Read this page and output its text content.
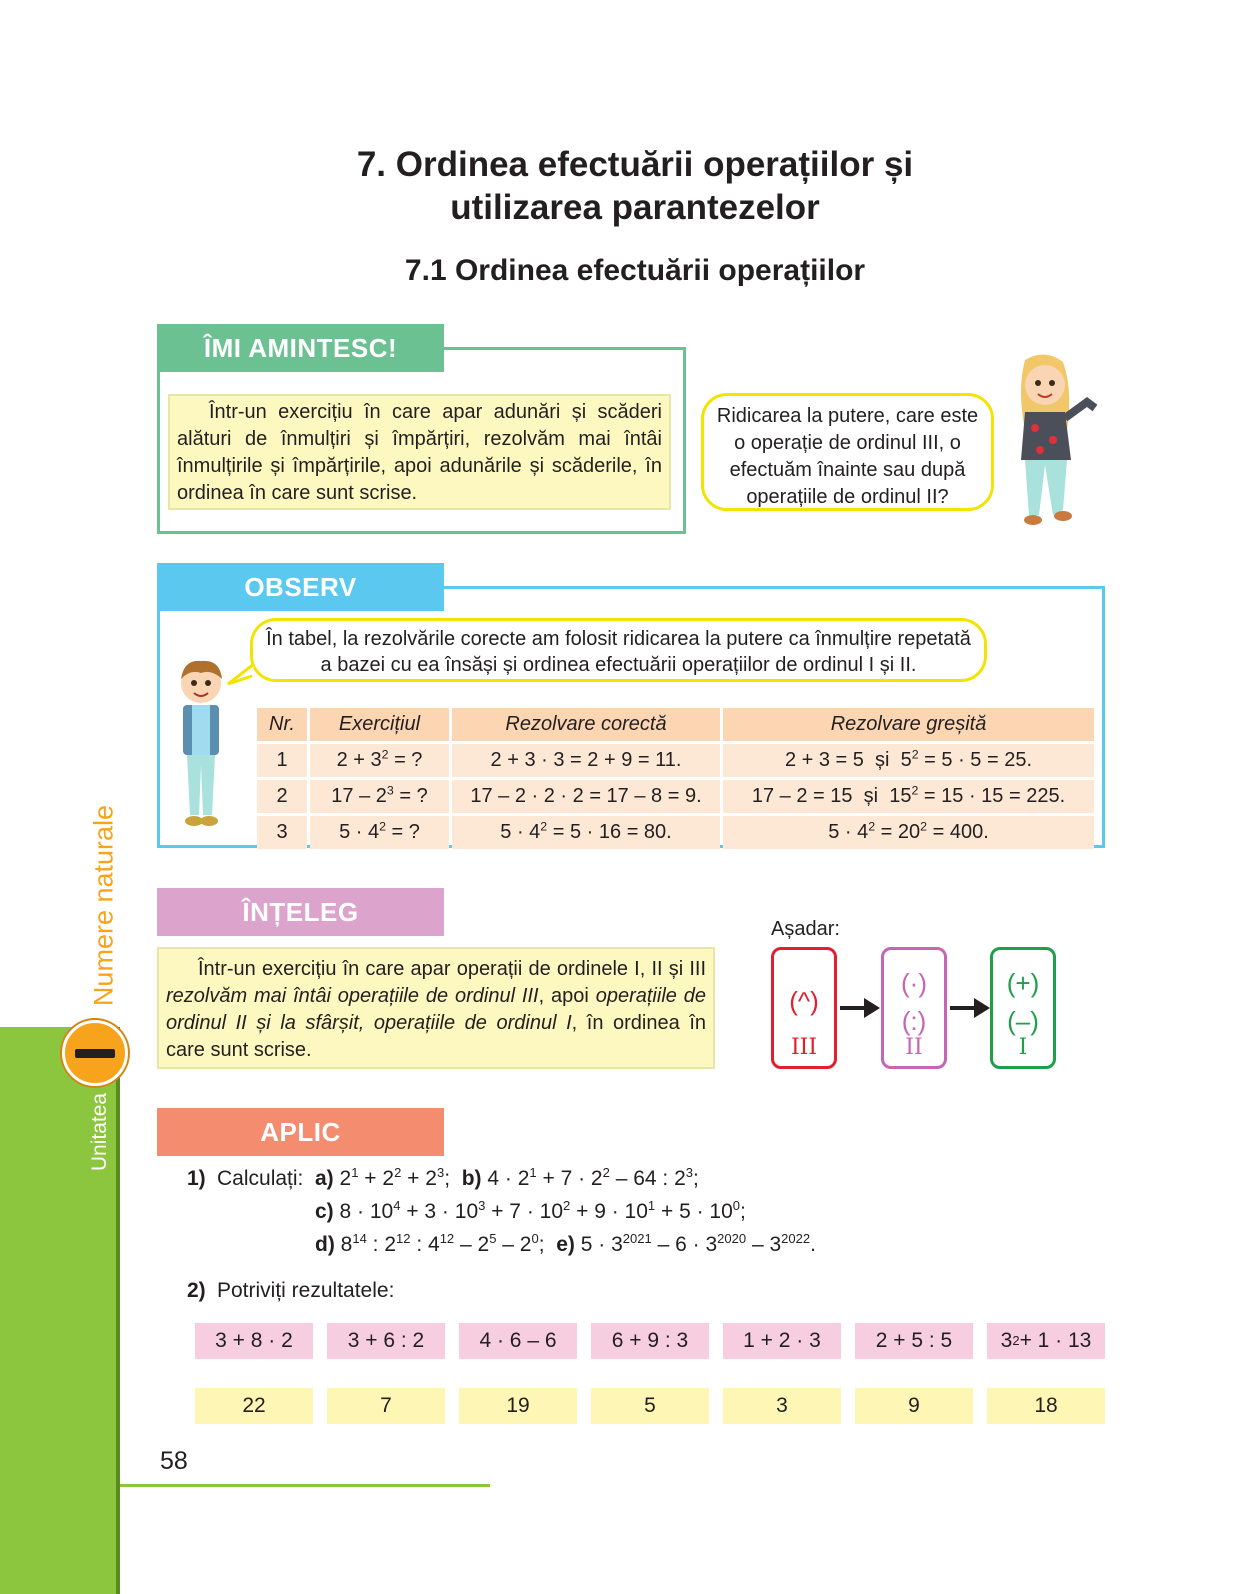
Numere naturale
Unitatea
7. Ordinea efectuării operațiilor și
utilizarea parantezelor
7.1 Ordinea efectuării operațiilor
ÎMI AMINTESC!
Într-un exercițiu în care apar adunări și scăderi alături de înmulțiri și împărțiri, rezolvăm mai întâi înmulțirile și împărțirile, apoi adunările și scăderile, în ordinea în care sunt scrise.
Ridicarea la putere, care este o operație de ordinul III, o efectuăm înainte sau după operațiile de ordinul II?
OBSERV
În tabel, la rezolvările corecte am folosit ridicarea la putere ca înmulțire repetată a bazei cu ea însăși și ordinea efectuării operațiilor de ordinul I și II.
Nr.	Exercițiul	Rezolvare corectă	Rezolvare greșită
1	$2 + 3^2$ = ?	2 + 3 · 3 = 2 + 9 = 11.	2 + 3 = 5  și  $5^2 = 5 \cdot 5 = 25$.
2	$17 - 2^3$ = ?	17 – 2 · 2 · 2 = 17 – 8 = 9.	17 – 2 = 15  și  $15^2 = 15 \cdot 15 = 225$.
3	$5 \cdot 4^2$ = ?	$5 \cdot 4^2 = 5 \cdot 16 = 80$.	$5 \cdot 4^2 = 20^2 = 400$.
ÎNȚELEG
Într-un exercițiu în care apar operații de ordinele I, II și III rezolvăm mai întâi operațiile de ordinul III, apoi operațiile de ordinul II și la sfârșit, operațiile de ordinul I, în ordinea în care sunt scrise.
Așadar:
(^)
III
(·)
(:)
II
(+)
(–)
I
APLIC
1) Calculați: a) $2^1 + 2^2 + 2^3$;  b) $4 \cdot 2^1 + 7 \cdot 2^2 - 64$ : $2^3$;
c) $8 \cdot 10^4 + 3 \cdot 10^3 + 7 \cdot 10^2 + 9 \cdot 10^1 + 5 \cdot 10^0$;
d) $8^{14}$ : $2^{12}$ : $4^{12} - 2^5 - 2^0$;  e) $5 \cdot 3^{2021} - 6 \cdot 3^{2020} - 3^{2022}$.
2) Potriviți rezultatele:
3 + 8 · 2	3 + 6 : 2	4 · 6 – 6	6 + 9 : 3	1 + 2 · 3	2 + 5 : 5	3 2 + 1 · 13
22	7	19	5	3	9	18
58
